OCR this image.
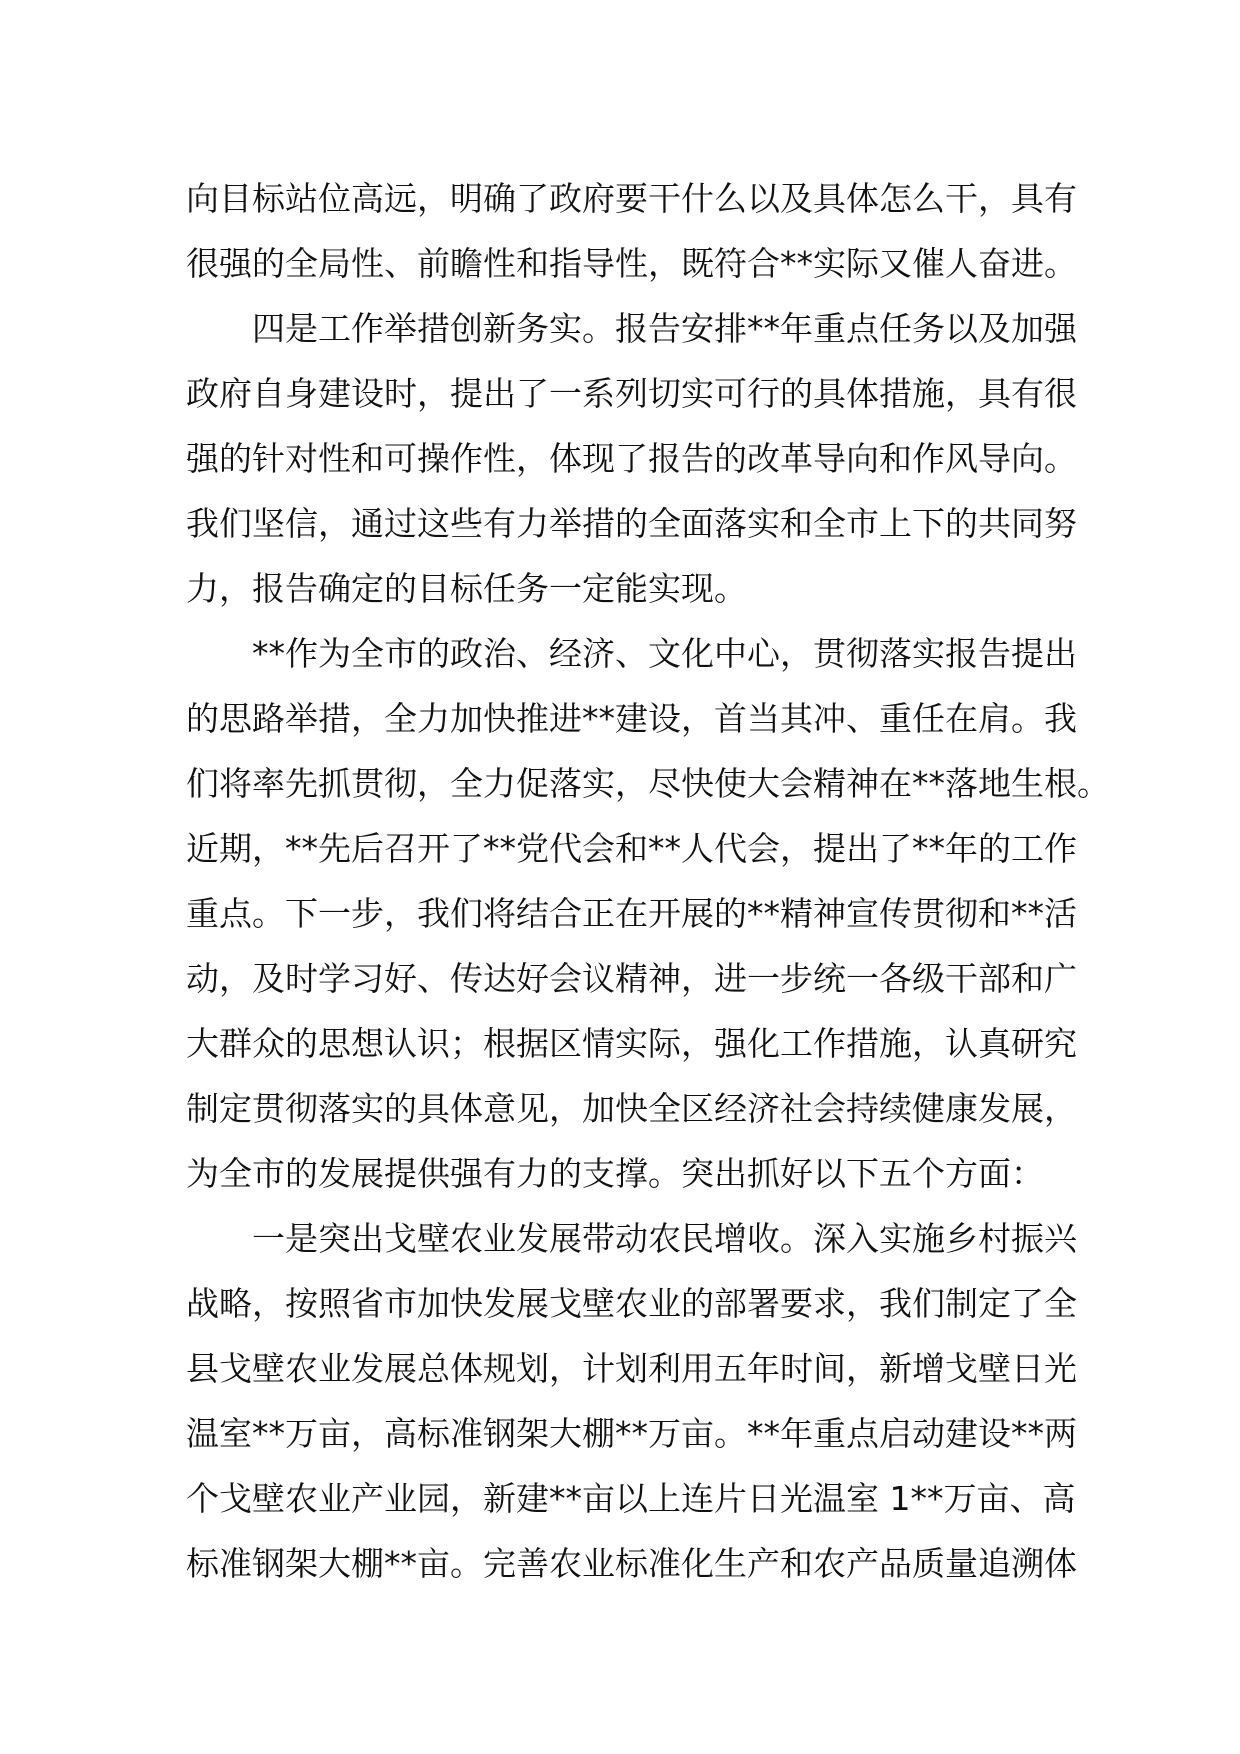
向目标站位高远，明确了政府要干什么以及具体怎么干，具有
很强的全局性、前瞻性和指导性，既符合**实际又催人奋进。
四是工作举措创新务实。报告安排**年重点任务以及加强
政府自身建设时，提出了一系列切实可行的具体措施，具有很
强的针对性和可操作性，体现了报告的改革导向和作风导向。
我们坚信，通过这些有力举措的全面落实和全市上下的共同努
力，报告确定的目标任务一定能实现。
**作为全市的政治、经济、文化中心，贯彻落实报告提出
的思路举措，全力加快推进**建设，首当其冲、重任在肩。我
们将率先抓贯彻，全力促落实，尽快使大会精神在**落地生根。
近期，**先后召开了**党代会和**人代会，提出了**年的工作
重点。下一步，我们将结合正在开展的**精神宣传贯彻和**活
动，及时学习好、传达好会议精神，进一步统一各级干部和广
大群众的思想认识；根据区情实际，强化工作措施，认真研究
制定贯彻落实的具体意见，加快全区经济社会持续健康发展，
为全市的发展提供强有力的支撑。突出抓好以下五个方面：
一是突出戈壁农业发展带动农民增收。深入实施乡村振兴
战略，按照省市加快发展戈壁农业的部署要求，我们制定了全
县戈壁农业发展总体规划，计划利用五年时间，新增戈壁日光
温室**万亩，高标准钢架大棚**万亩。**年重点启动建设**两
个戈壁农业产业园，新建**亩以上连片日光温室 1**万亩、高
标准钢架大棚**亩。完善农业标准化生产和农产品质量追溯体
